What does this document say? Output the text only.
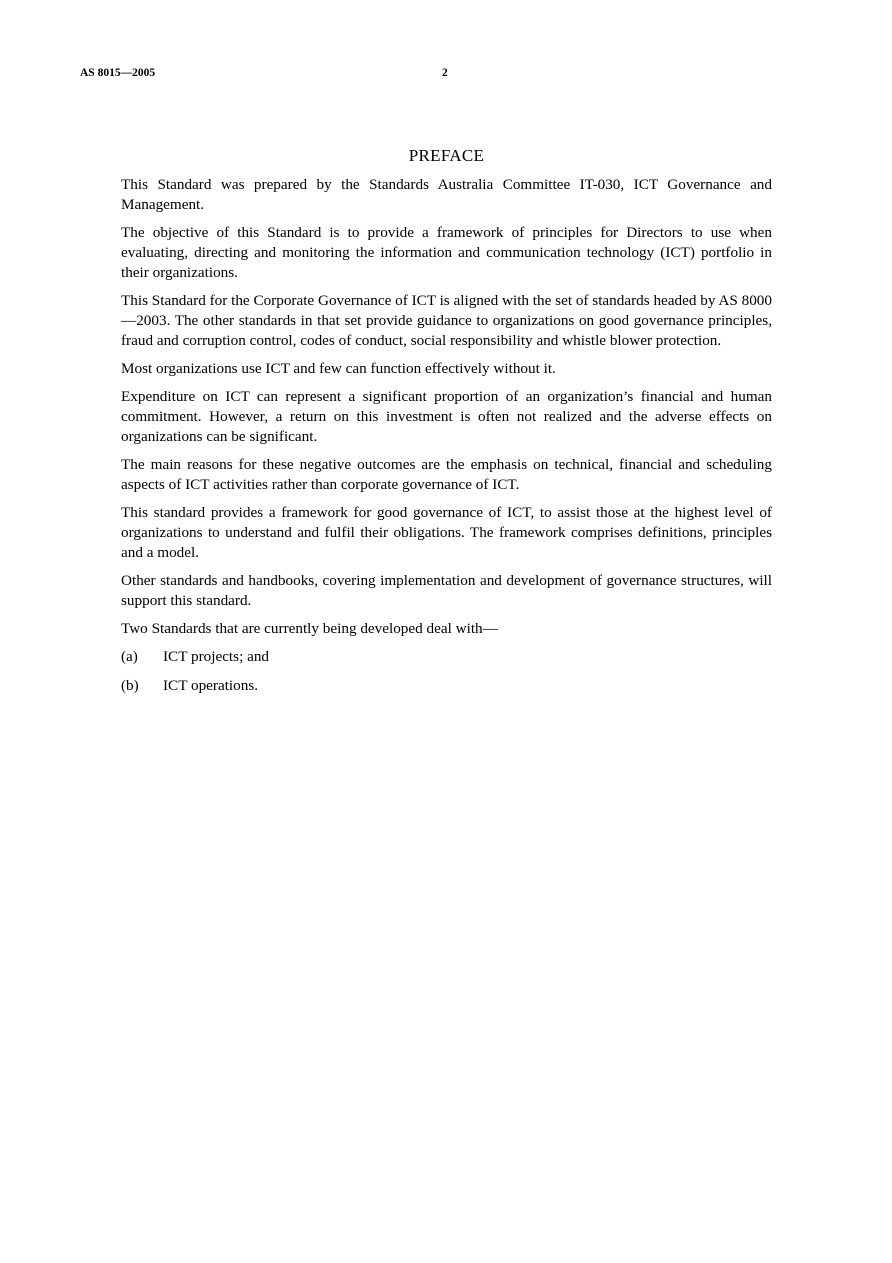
AS 8015—2005	2
PREFACE

This Standard was prepared by the Standards Australia Committee IT-030, ICT Governance and Management.

The objective of this Standard is to provide a framework of principles for Directors to use when evaluating, directing and monitoring the information and communication technology (ICT) portfolio in their organizations.

This Standard for the Corporate Governance of ICT is aligned with the set of standards headed by AS 8000—2003. The other standards in that set provide guidance to organizations on good governance principles, fraud and corruption control, codes of conduct, social responsibility and whistle blower protection.

Most organizations use ICT and few can function effectively without it.

Expenditure on ICT can represent a significant proportion of an organization’s financial and human commitment. However, a return on this investment is often not realized and the adverse effects on organizations can be significant.

The main reasons for these negative outcomes are the emphasis on technical, financial and scheduling aspects of ICT activities rather than corporate governance of ICT.

This standard provides a framework for good governance of ICT, to assist those at the highest level of organizations to understand and fulfil their obligations. The framework comprises definitions, principles and a model.

Other standards and handbooks, covering implementation and development of governance structures, will support this standard.

Two Standards that are currently being developed deal with—

(a) ICT projects; and
(b) ICT operations.
